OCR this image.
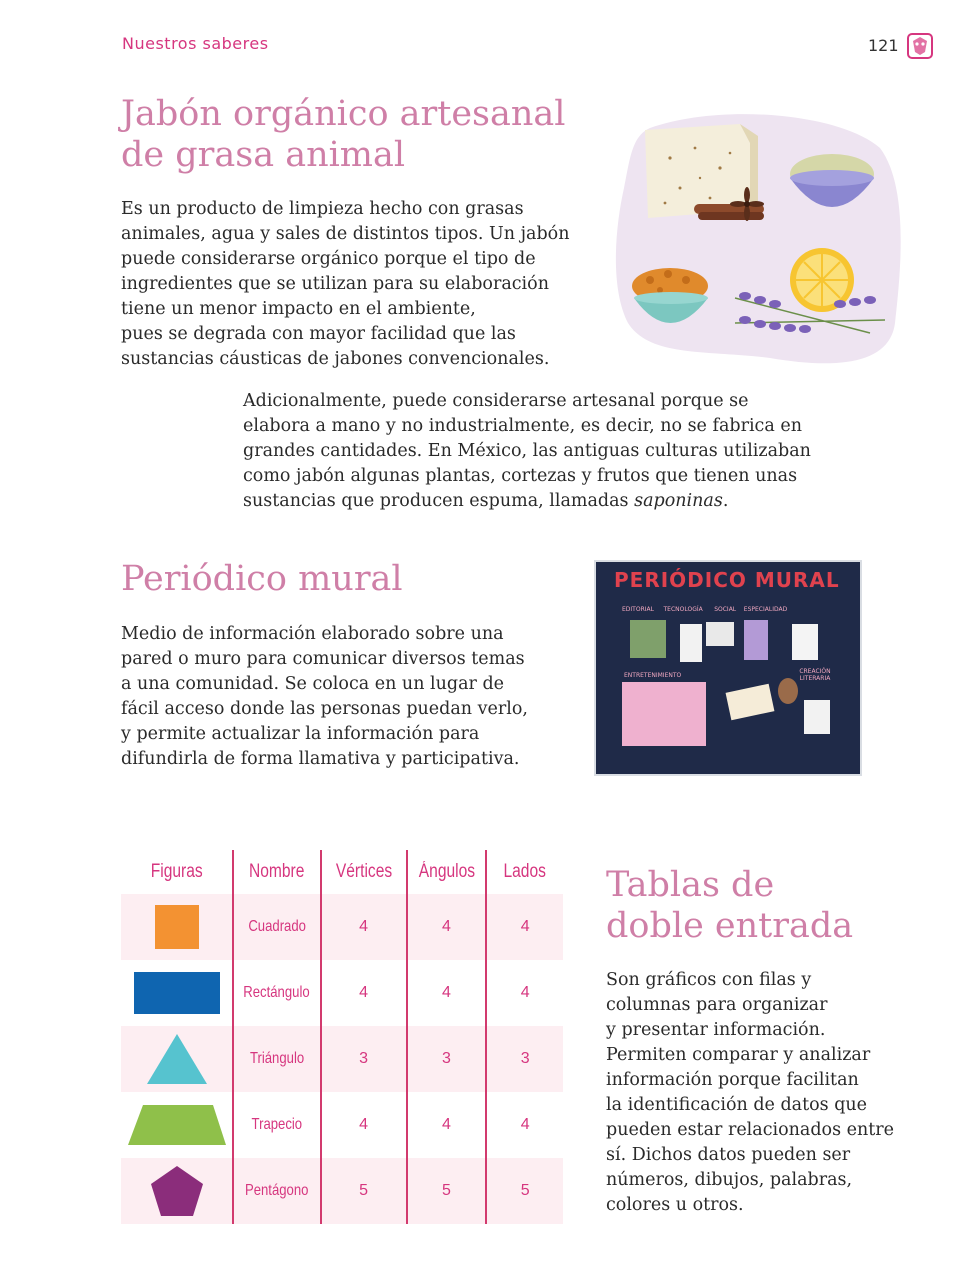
Nuestros saberes	121
Jabón orgánico artesanal
de grasa animal
Es un producto de limpieza hecho con grasas
animales, agua y sales de distintos tipos. Un jabón
puede considerarse orgánico porque el tipo de
ingredientes que se utilizan para su elaboración
tiene un menor impacto en el ambiente,
pues se degrada con mayor facilidad que las
sustancias cáusticas de jabones convencionales.
Adicionalmente, puede considerarse artesanal porque se
elabora a mano y no industrialmente, es decir, no se fabrica en
grandes cantidades. En México, las antiguas culturas utilizaban
como jabón algunas plantas, cortezas y frutos que tienen unas
sustancias que producen espuma, llamadas saponinas.
Periódico mural
Medio de información elaborado sobre una
pared o muro para comunicar diversos temas
a una comunidad. Se coloca en un lugar de
fácil acceso donde las personas puedan verlo,
y permite actualizar la información para
difundirla de forma llamativa y participativa.
PERIÓDICO MURAL
EDITORIAL TECNOLOGÍA SOCIAL ESPECIALIDAD
ENTRETENIMIENTO
CREACIÓN LITERARIA
Figuras	Nombre	Vértices	Ángulos	Lados

	Cuadrado	4	4	4

	Rectángulo	4	4	4

	Triángulo	3	3	3

	Trapecio	4	4	4

	Pentágono	5	5	5
Tablas de
doble entrada
Son gráficos con filas y
columnas para organizar
y presentar información.
Permiten comparar y analizar
información porque facilitan
la identificación de datos que
pueden estar relacionados entre
sí. Dichos datos pueden ser
números, dibujos, palabras,
colores u otros.
